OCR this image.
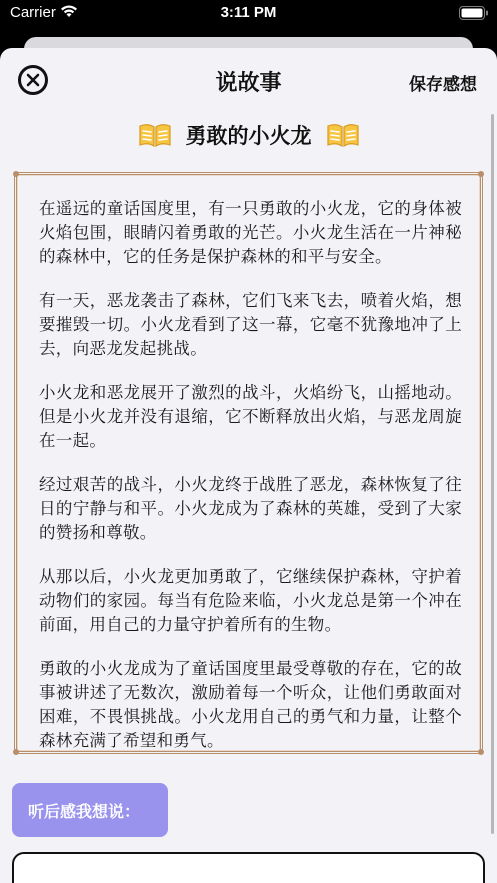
Carrier	3:11 PM
说故事	保存感想
勇敢的小火龙

在遥远的童话国度里，有一只勇敢的小火龙，它的身体被火焰包围，眼睛闪着勇敢的光芒。小火龙生活在一片神秘的森林中，它的任务是保护森林的和平与安全。

有一天，恶龙袭击了森林，它们飞来飞去，喷着火焰，想要摧毁一切。小火龙看到了这一幕，它毫不犹豫地冲了上去，向恶龙发起挑战。

小火龙和恶龙展开了激烈的战斗，火焰纷飞，山摇地动。但是小火龙并没有退缩，它不断释放出火焰，与恶龙周旋在一起。

经过艰苦的战斗，小火龙终于战胜了恶龙，森林恢复了往日的宁静与和平。小火龙成为了森林的英雄，受到了大家的赞扬和尊敬。

从那以后，小火龙更加勇敢了，它继续保护森林，守护着动物们的家园。每当有危险来临，小火龙总是第一个冲在前面，用自己的力量守护着所有的生物。

勇敢的小火龙成为了童话国度里最受尊敬的存在，它的故事被讲述了无数次，激励着每一个听众，让他们勇敢面对困难，不畏惧挑战。小火龙用自己的勇气和力量，让整个森林充满了希望和勇气。

听后感我想说：
